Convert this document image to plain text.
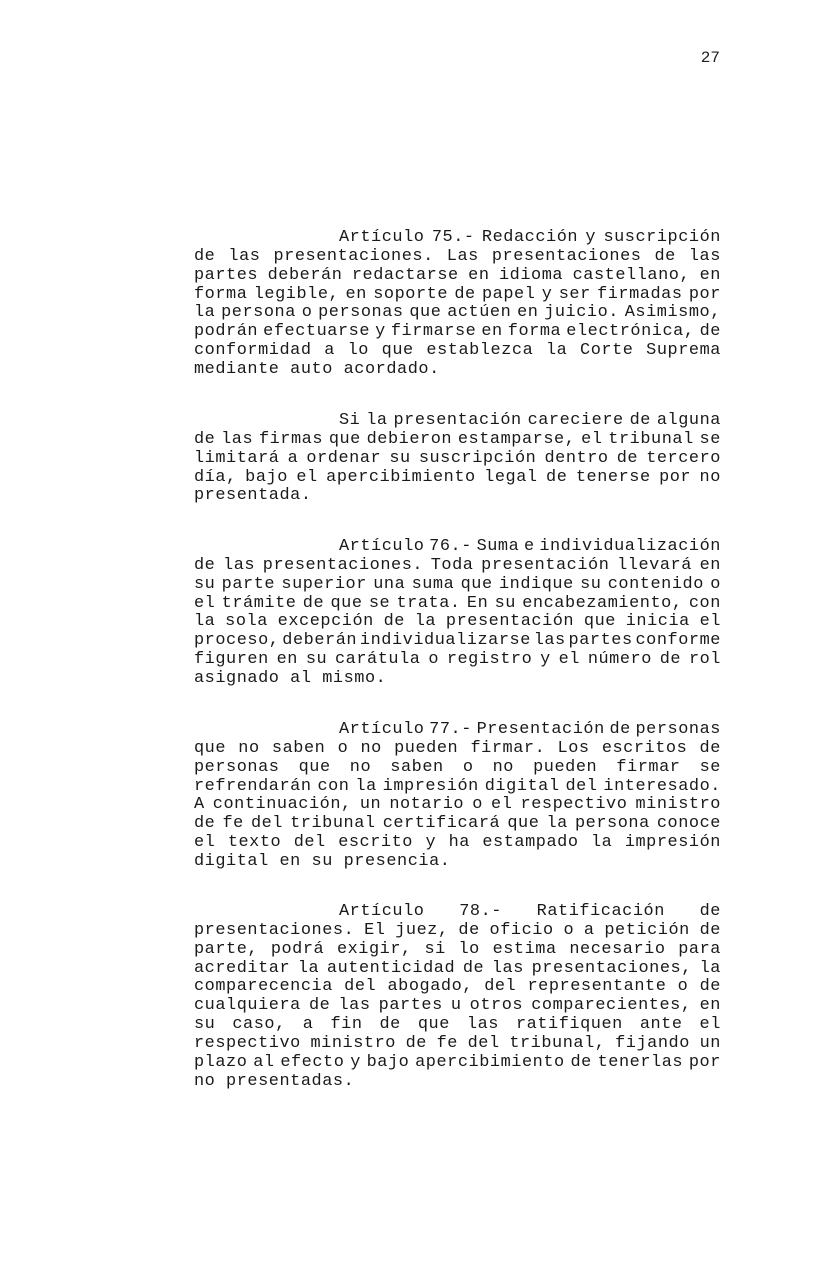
27
Artículo 75.- Redacción y suscripción
de las presentaciones. Las presentaciones de las
partes deberán redactarse en idioma castellano, en
forma legible, en soporte de papel y ser firmadas por
la persona o personas que actúen en juicio. Asimismo,
podrán efectuarse y firmarse en forma electrónica, de
conformidad a lo que establezca la Corte Suprema
mediante auto acordado.
Si la presentación careciere de alguna
de las firmas que debieron estamparse, el tribunal se
limitará a ordenar su suscripción dentro de tercero
día, bajo el apercibimiento legal de tenerse por no
presentada.
Artículo 76.- Suma e individualización
de las presentaciones. Toda presentación llevará en
su parte superior una suma que indique su contenido o
el trámite de que se trata. En su encabezamiento, con
la sola excepción de la presentación que inicia el
proceso, deberán individualizarse las partes conforme
figuren en su carátula o registro y el número de rol
asignado al mismo.
Artículo 77.- Presentación de personas
que no saben o no pueden firmar. Los escritos de
personas que no saben o no pueden firmar se
refrendarán con la impresión digital del interesado.
A continuación, un notario o el respectivo ministro
de fe del tribunal certificará que la persona conoce
el texto del escrito y ha estampado la impresión
digital en su presencia.
Artículo 78.- Ratificación de
presentaciones. El juez, de oficio o a petición de
parte, podrá exigir, si lo estima necesario para
acreditar la autenticidad de las presentaciones, la
comparecencia del abogado, del representante o de
cualquiera de las partes u otros comparecientes, en
su caso, a fin de que las ratifiquen ante el
respectivo ministro de fe del tribunal, fijando un
plazo al efecto y bajo apercibimiento de tenerlas por
no presentadas.
